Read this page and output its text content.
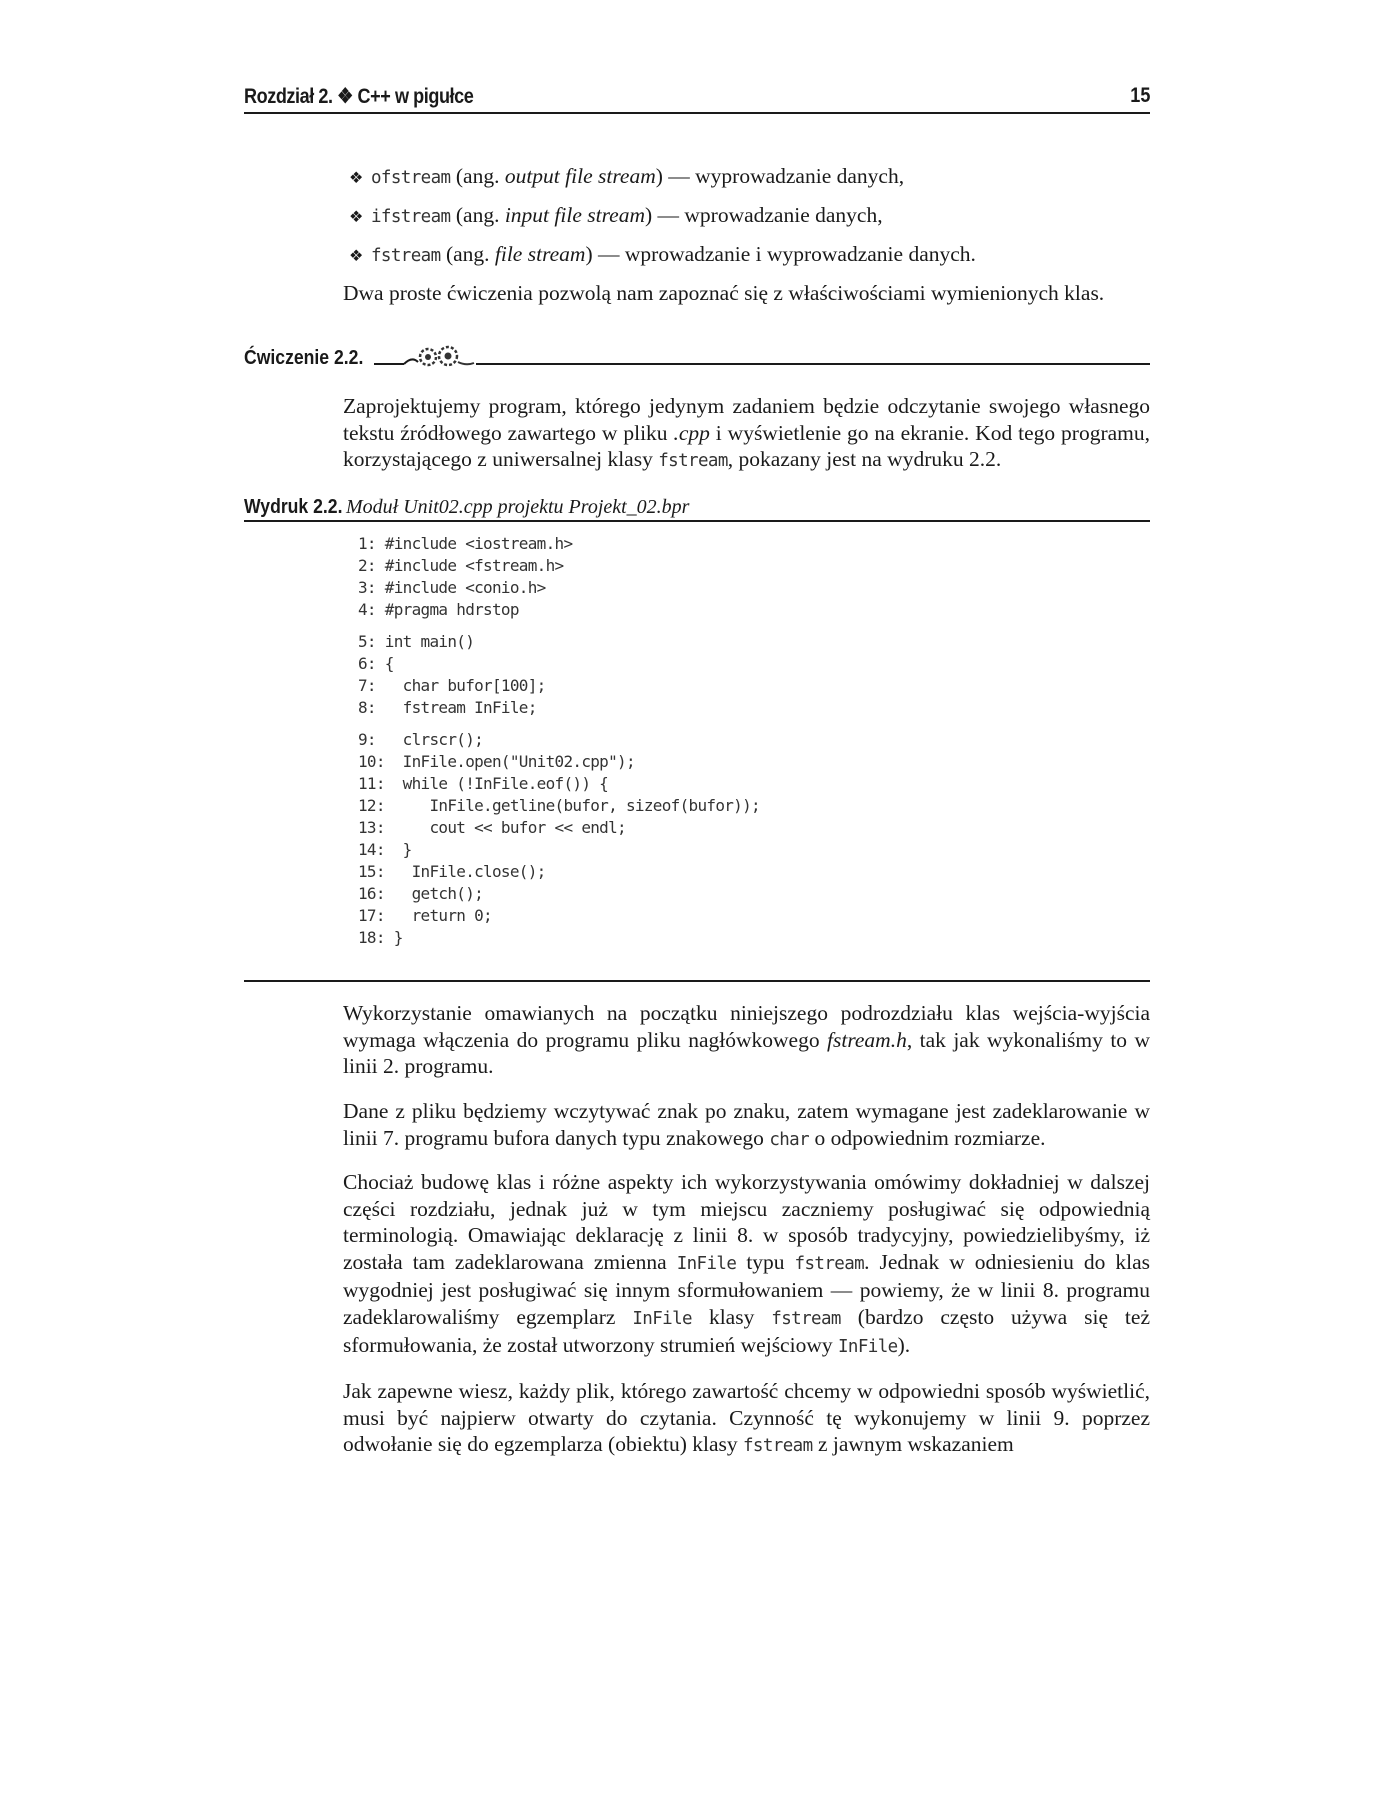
Rozdział 2. ❖ C++ w pigułce	15
❖ ofstream (ang. output file stream) — wyprowadzanie danych,
❖ ifstream (ang. input file stream) — wprowadzanie danych,
❖ fstream (ang. file stream) — wprowadzanie i wyprowadzanie danych.

Dwa proste ćwiczenia pozwolą nam zapoznać się z właściwościami wymienionych klas.

Ćwiczenie 2.2.

Zaprojektujemy program, którego jedynym zadaniem będzie odczytanie swojego własnego tekstu źródłowego zawartego w pliku .cpp i wyświetlenie go na ekranie. Kod tego programu, korzystającego z uniwersalnej klasy fstream, pokazany jest na wydruku 2.2.

Wydruk 2.2. Moduł Unit02.cpp projektu Projekt_02.bpr
1: #include <iostream.h>
2: #include <fstream.h>
3: #include <conio.h>
4: #pragma hdrstop
5: int main()
6: {
7:   char bufor[100];
8:   fstream InFile;
9:   clrscr();
10:  InFile.open("Unit02.cpp");
11:  while (!InFile.eof()) {
12:     InFile.getline(bufor, sizeof(bufor));
13:     cout << bufor << endl;
14:  }
15:   InFile.close();
16:   getch();
17:   return 0;
18: }

Wykorzystanie omawianych na początku niniejszego podrozdziału klas wejścia-wyjścia wymaga włączenia do programu pliku nagłówkowego fstream.h, tak jak wykonaliśmy to w linii 2. programu.

Dane z pliku będziemy wczytywać znak po znaku, zatem wymagane jest zadeklarowanie w linii 7. programu bufora danych typu znakowego char o odpowiednim rozmiarze.

Chociaż budowę klas i różne aspekty ich wykorzystywania omówimy dokładniej w dalszej części rozdziału, jednak już w tym miejscu zaczniemy posługiwać się odpowiednią terminologią. Omawiając deklarację z linii 8. w sposób tradycyjny, powiedzielibyśmy, iż została tam zadeklarowana zmienna InFile typu fstream. Jednak w odniesieniu do klas wygodniej jest posługiwać się innym sformułowaniem — powiemy, że w linii 8. programu zadeklarowaliśmy egzemplarz InFile klasy fstream (bardzo często używa się też sformułowania, że został utworzony strumień wejściowy InFile).

Jak zapewne wiesz, każdy plik, którego zawartość chcemy w odpowiedni sposób wyświetlić, musi być najpierw otwarty do czytania. Czynność tę wykonujemy w linii 9. poprzez odwołanie się do egzemplarza (obiektu) klasy fstream z jawnym wskazaniem
